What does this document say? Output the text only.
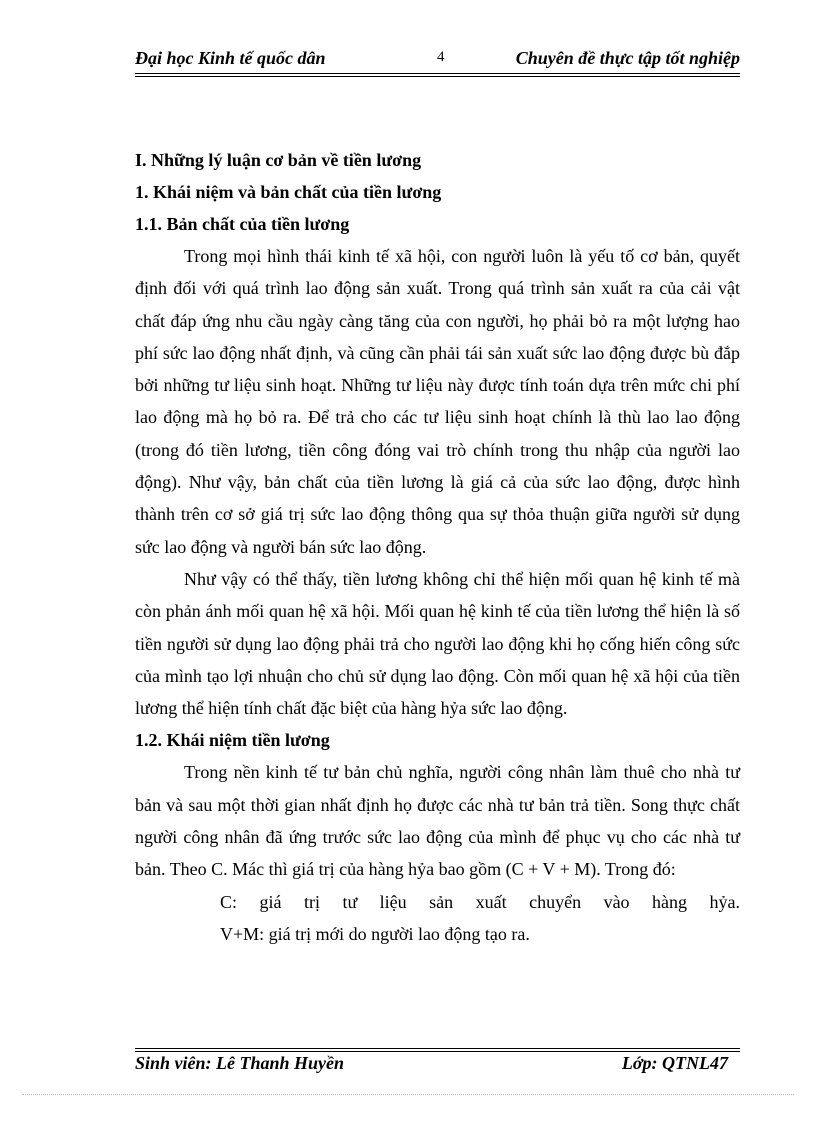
Đại học Kinh tế quốc dân	4	Chuyên đề thực tập tốt nghiệp

I. Những lý luận cơ bản về tiền lương

1. Khái niệm và bản chất của tiền lương

1.1. Bản chất của tiền lương

Trong mọi hình thái kinh tế xã hội, con người luôn là yếu tố cơ bản, quyết định đối với quá trình lao động sản xuất. Trong quá trình sản xuất ra của cải vật chất đáp ứng nhu cầu ngày càng tăng của con người, họ phải bỏ ra một lượng hao phí sức lao động nhất định, và cũng cần phải tái sản xuất sức lao động được bù đắp bởi những tư liệu sinh hoạt. Những tư liệu này được tính toán dựa trên mức chi phí lao động mà họ bỏ ra. Để trả cho các tư liệu sinh hoạt chính là thù lao lao động (trong đó tiền lương, tiền công đóng vai trò chính trong thu nhập của người lao động). Như vậy, bản chất của tiền lương là giá cả của sức lao động, được hình thành trên cơ sở giá trị sức lao động thông qua sự thỏa thuận giữa người sử dụng sức lao động và người bán sức lao động.

Như vậy có thể thấy, tiền lương không chỉ thể hiện mối quan hệ kinh tế mà còn phản ánh mối quan hệ xã hội. Mối quan hệ kinh tế của tiền lương thể hiện là số tiền người sử dụng lao động phải trả cho người lao động khi họ cống hiến công sức của mình tạo lợi nhuận cho chủ sử dụng lao động. Còn mối quan hệ xã hội của tiền lương thể hiện tính chất đặc biệt của hàng hỷa sức lao động.

1.2. Khái niệm tiền lương

Trong nền kinh tế tư bản chủ nghĩa, người công nhân làm thuê cho nhà tư bản và sau một thời gian nhất định họ được các nhà tư bản trả tiền. Song thực chất người công nhân đã ứng trước sức lao động của mình để phục vụ cho các nhà tư bản. Theo C. Mác thì giá trị của hàng hỷa bao gồm (C + V + M). Trong đó:

C: giá trị tư liệu sản xuất chuyển vào hàng hỷa.
V+M: giá trị mới do người lao động tạo ra.
Sinh viên: Lê Thanh Huyền	Lớp: QTNL47
